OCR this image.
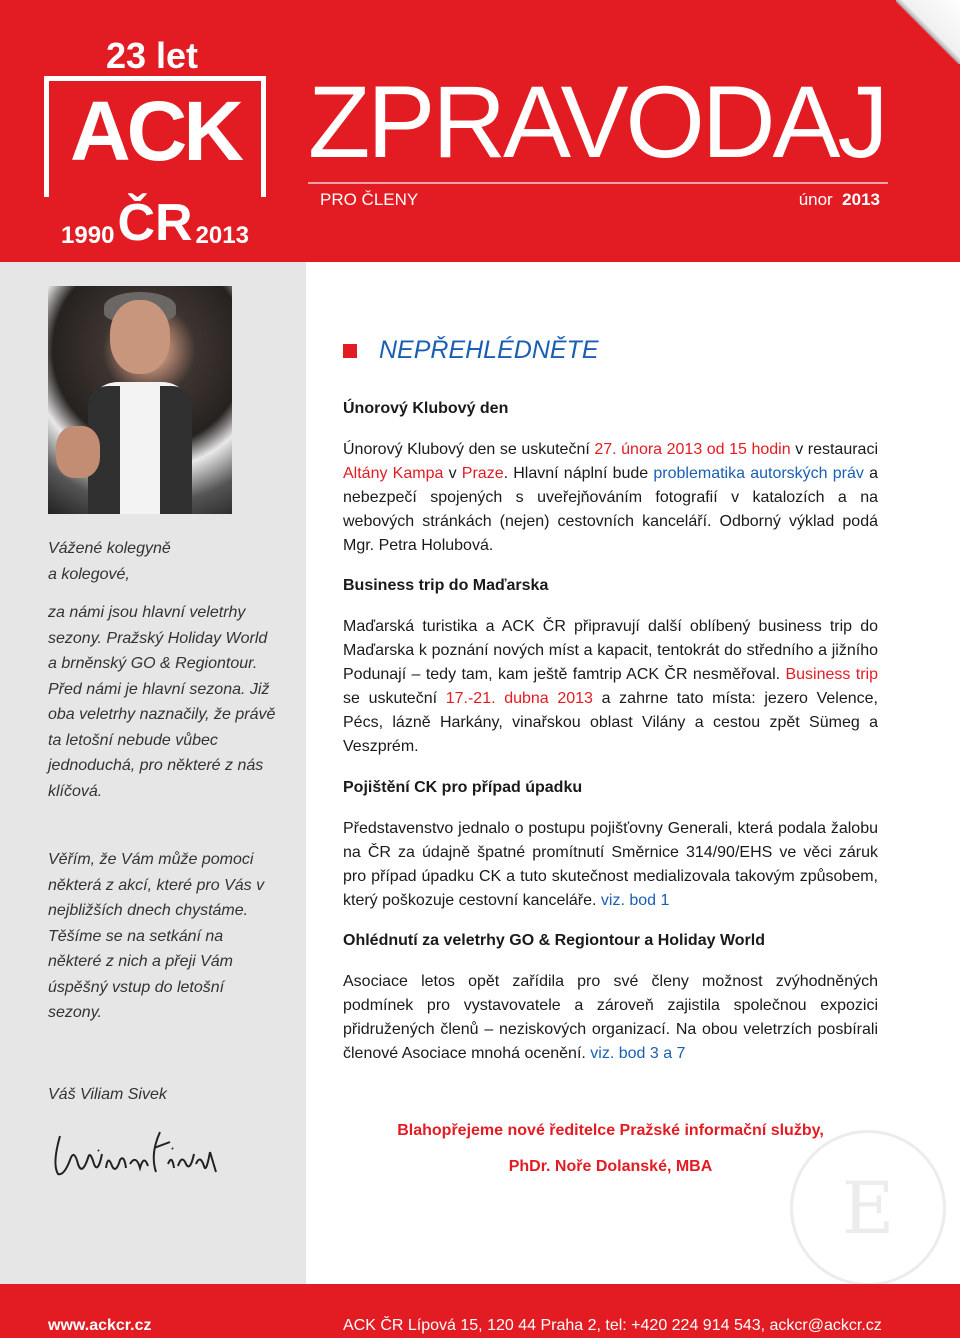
23 let
ACK
1990 ČR 2013
ZPRAVODAJ
PRO ČLENY	únor 2013
Vážené kolegyně
a kolegové,
za námi jsou hlavní veletrhy sezony. Pražský Holiday World a brněnský GO & Regiontour. Před námi je hlavní sezona. Již oba veletrhy naznačily, že právě ta letošní nebude vůbec jednoduchá, pro některé z nás klíčová.
Věřím, že Vám může pomoci některá z akcí, které pro Vás v nejbližších dnech chystáme. Těšíme se na setkání na některé z nich a přeji Vám úspěšný vstup do letošní sezony.
Váš Viliam Sivek
NEPŘEHLÉDNĚTE
Únorový Klubový den
Únorový Klubový den se uskuteční 27. února 2013 od 15 hodin v restauraci Altány Kampa v Praze. Hlavní náplní bude problematika autorských práv a nebezpečí spojených s uveřejňováním fotografií v katalozích a na webových stránkách (nejen) cestovních kanceláří. Odborný výklad podá Mgr. Petra Holubová.
Business trip do Maďarska
Maďarská turistika a ACK ČR připravují další oblíbený business trip do Maďarska k poznání nových míst a kapacit, tentokrát do středního a jižního Podunají – tedy tam, kam ještě famtrip ACK ČR nesměřoval. Business trip se uskuteční 17.-21. dubna 2013 a zahrne tato místa: jezero Velence, Pécs, lázně Harkány, vinařskou oblast Vilány a cestou zpět Sümeg a Veszprém.
Pojištění CK pro případ úpadku
Představenstvo jednalo o postupu pojišťovny Generali, která podala žalobu na ČR za údajně špatné promítnutí Směrnice 314/90/EHS ve věci záruk pro případ úpadku CK a tuto skutečnost medializovala takovým způsobem, který poškozuje cestovní kanceláře. viz. bod 1
Ohlédnutí za veletrhy GO & Regiontour a Holiday World
Asociace letos opět zařídila pro své členy možnost zvýhodněných podmínek pro vystavovatele a zároveň zajistila společnou expozici přidružených členů – neziskových organizací. Na obou veletrzích posbírali členové Asociace mnohá ocenění. viz. bod 3 a 7
E
Blahopřejeme nové ředitelce Pražské informační služby,
PhDr. Noře Dolanské, MBA
www.ackcr.cz	ACK ČR Lípová 15, 120 44 Praha 2, tel: +420 224 914 543, ackcr@ackcr.cz
